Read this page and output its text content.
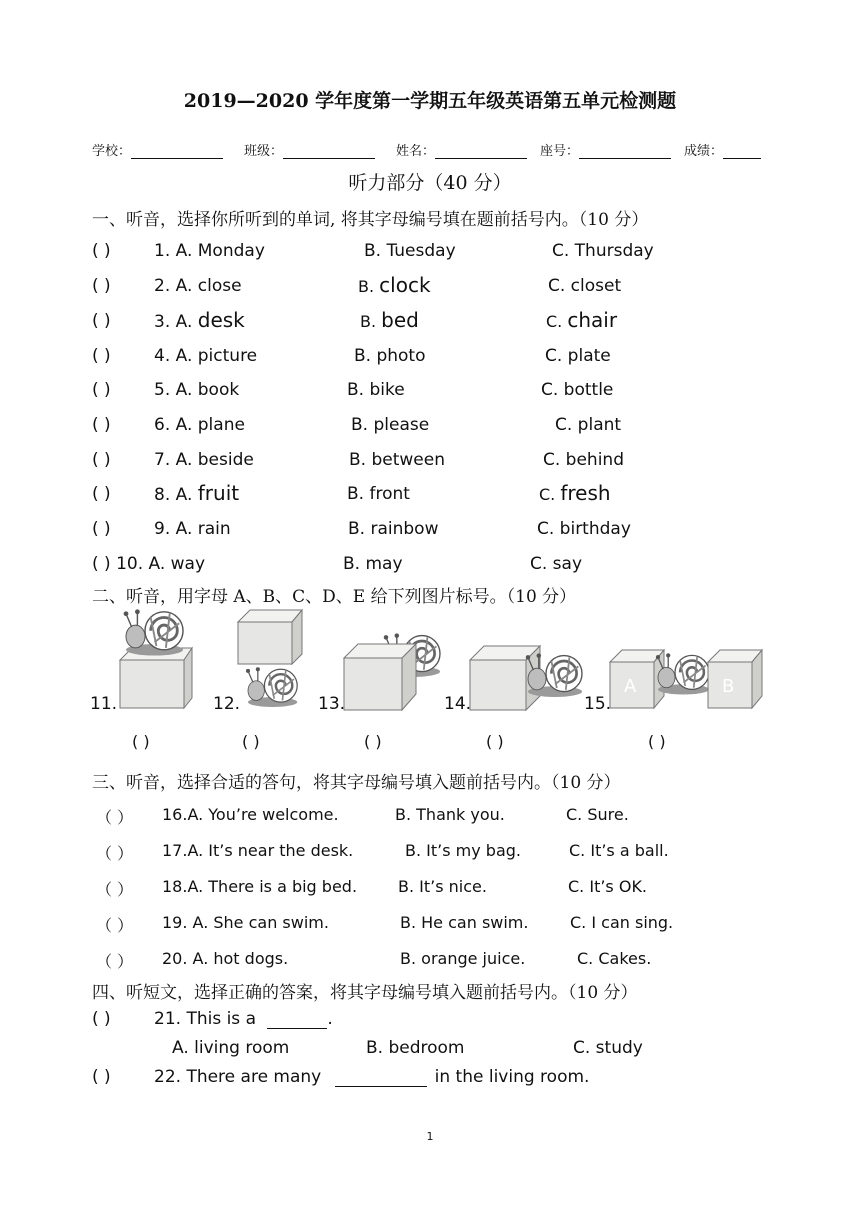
2019—2020 学年度第一学期五年级英语第五单元检测题
学校：	班级：	姓名：	座号：	成绩：
听力部分（40 分）
一、听音，选择你所听到的单词, 将其字母编号填在题前括号内。（10 分）
( )	1. A. Monday	B. Tuesday	C. Thursday
( )	2. A. close	B. clock	C. closet
( )	3. A. desk	B. bed	C. chair
( )	4. A. picture	B. photo	C. plate
( )	5. A. book	B. bike	C. bottle
( )	6. A. plane	B. please	C. plant
( )	7. A. beside	B. between	C. behind
( )	8. A. fruit	B. front	C. fresh
( )	9. A. rain	B. rainbow	C. birthday
( ) 10. A. way	B. may	C. say
二、听音，用字母 A、B、C、D、E 给下列图片标号。（10 分）
11.	12.	13.	14.
A	B
15.
( )	( )	( )	( )	( )
三、听音，选择合适的答句，将其字母编号填入题前括号内。（10 分）
（ ） 16.A. You’re welcome.	B. Thank you.	C. Sure.
（ ） 17.A. It’s near the desk.	B. It’s my bag.	C. It’s a ball.
（ ） 18.A. There is a big bed.	B. It’s nice.	C. It’s OK.
（ ） 19. A. She can swim.	B. He can swim.	C. I can sing.
（ ） 20. A. hot dogs.	B. orange juice.	C. Cakes.
四、听短文，选择正确的答案，将其字母编号填入题前括号内。（10 分）
( )	21. This is a	.
A. living room	B. bedroom	C. study
( )	22. There are many	in the living room.
1
